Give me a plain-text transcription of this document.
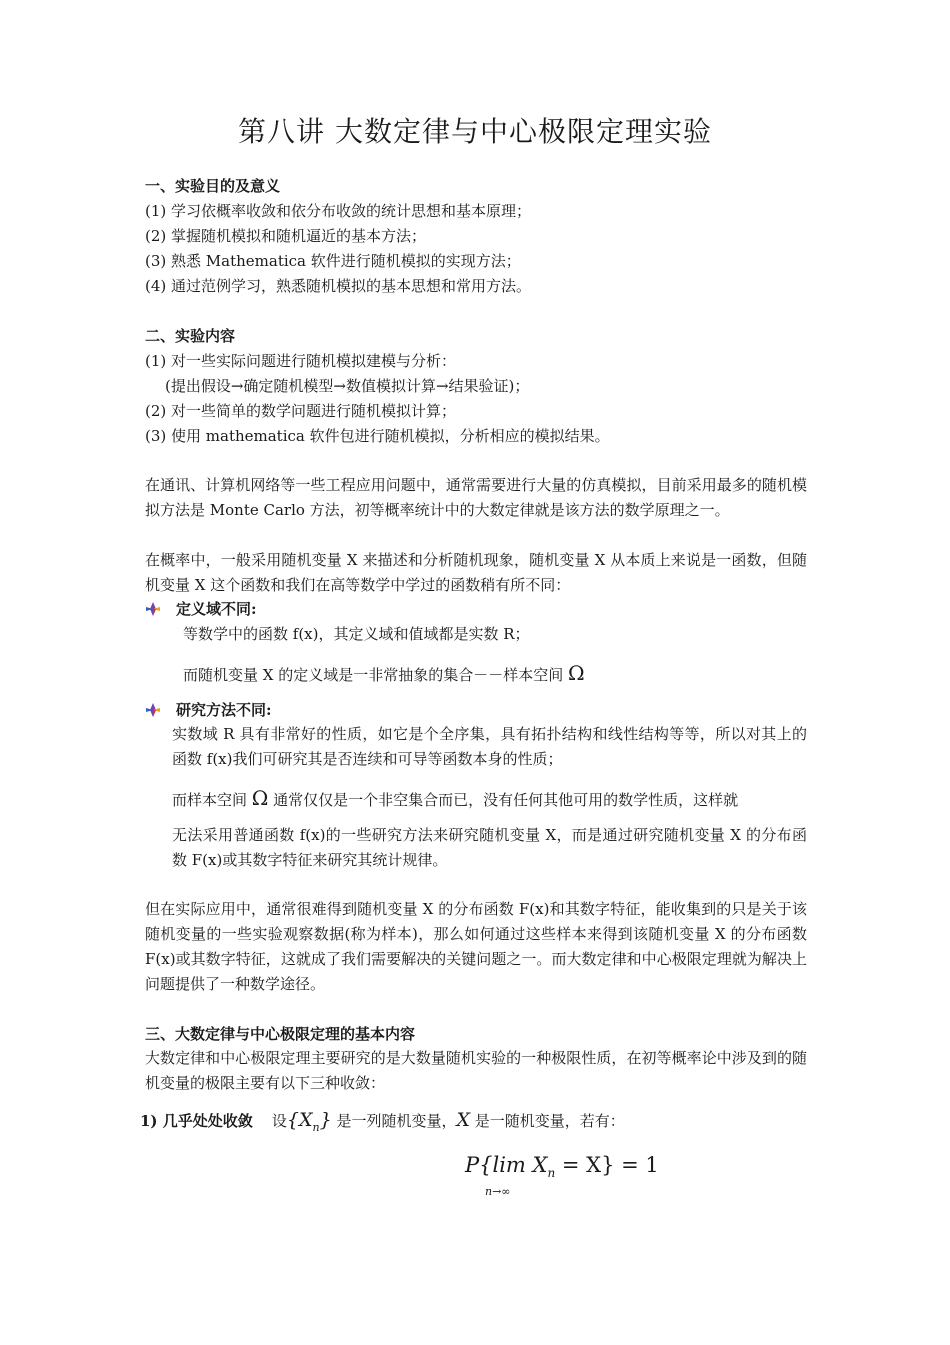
第八讲 大数定律与中心极限定理实验
一、实验目的及意义
(1) 学习依概率收敛和依分布收敛的统计思想和基本原理；
(2) 掌握随机模拟和随机逼近的基本方法；
(3) 熟悉 Mathematica 软件进行随机模拟的实现方法；
(4) 通过范例学习，熟悉随机模拟的基本思想和常用方法。
二、实验内容
(1) 对一些实际问题进行随机模拟建模与分析：
(提出假设→确定随机模型→数值模拟计算→结果验证)；
(2) 对一些简单的数学问题进行随机模拟计算；
(3) 使用 mathematica 软件包进行随机模拟，分析相应的模拟结果。
在通讯、计算机网络等一些工程应用问题中，通常需要进行大量的仿真模拟，目前采用最多的随机模拟方法是 Monte Carlo 方法，初等概率统计中的大数定律就是该方法的数学原理之一。
在概率中，一般采用随机变量 X 来描述和分析随机现象，随机变量 X 从本质上来说是一函数，但随机变量 X 这个函数和我们在高等数学中学过的函数稍有所不同：
定义域不同:
等数学中的函数 f(x)，其定义域和值域都是实数 R；
而随机变量 X 的定义域是一非常抽象的集合－－样本空间 Ω
研究方法不同:
实数域 R 具有非常好的性质，如它是个全序集，具有拓扑结构和线性结构等等，所以对其上的函数 f(x)我们可研究其是否连续和可导等函数本身的性质；
而样本空间 Ω 通常仅仅是一个非空集合而已，没有任何其他可用的数学性质，这样就
无法采用普通函数 f(x)的一些研究方法来研究随机变量 X，而是通过研究随机变量 X 的分布函数 F(x)或其数字特征来研究其统计规律。
但在实际应用中，通常很难得到随机变量 X 的分布函数 F(x)和其数字特征，能收集到的只是关于该随机变量的一些实验观察数据(称为样本)，那么如何通过这些样本来得到该随机变量 X 的分布函数 F(x)或其数字特征，这就成了我们需要解决的关键问题之一。而大数定律和中心极限定理就为解决上问题提供了一种数学途径。
三、大数定律与中心极限定理的基本内容
大数定律和中心极限定理主要研究的是大数量随机实验的一种极限性质，在初等概率论中涉及到的随机变量的极限主要有以下三种收敛：
1) 几乎处处收敛 设$\{X_n\}$ 是一列随机变量，X 是一随机变量，若有：
P{lim $X_n = X\} = 1$
n→∞
